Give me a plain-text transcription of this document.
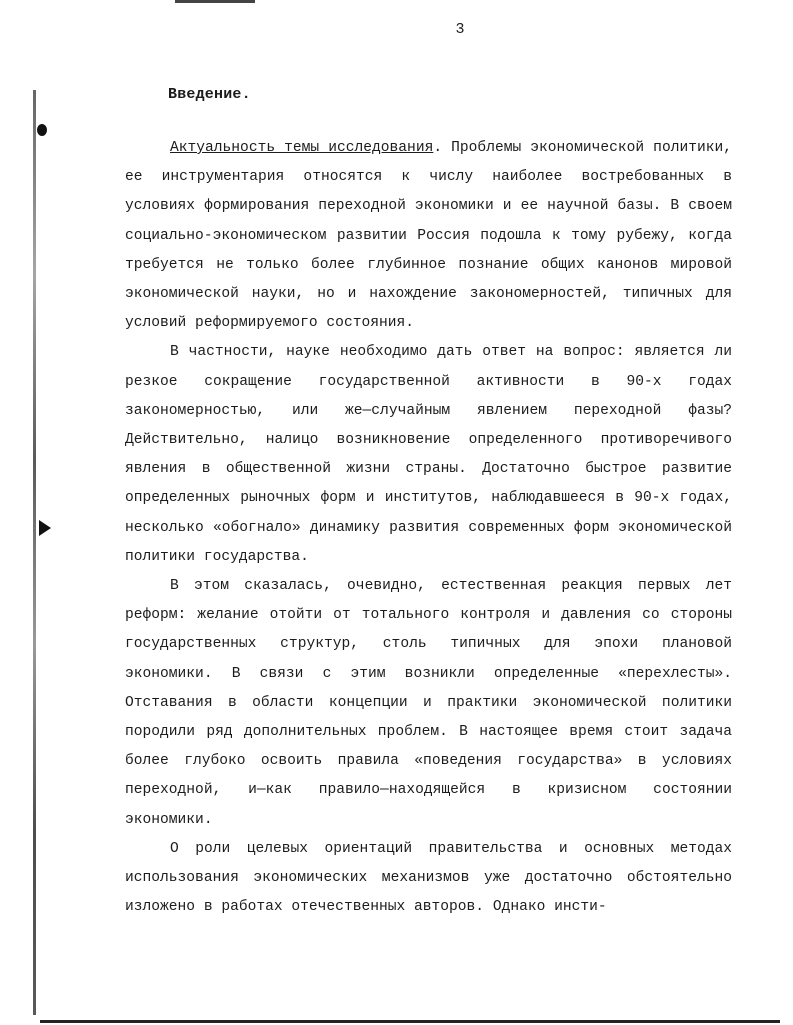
3
Введение.

Актуальность темы исследования. Проблемы экономической политики, ее инструментария относятся к числу наиболее востребованных в условиях формирования переходной экономики и ее научной базы. В своем социально-экономическом развитии Россия подошла к тому рубежу, когда требуется не только более глубинное познание общих канонов мировой экономической науки, но и нахождение закономерностей, типичных для условий реформируемого состояния.

В частности, науке необходимо дать ответ на вопрос: является ли резкое сокращение государственной активности в 90-х годах закономерностью, или же—случайным явлением переходной фазы? Действительно, налицо возникновение определенного противоречивого явления в общественной жизни страны. Достаточно быстрое развитие определенных рыночных форм и институтов, наблюдавшееся в 90-х годах, несколько «обогнало» динамику развития современных форм экономической политики государства.

В этом сказалась, очевидно, естественная реакция первых лет реформ: желание отойти от тотального контроля и давления со стороны государственных структур, столь типичных для эпохи плановой экономики. В связи с этим возникли определенные «перехлесты». Отставания в области концепции и практики экономической политики породили ряд дополнительных проблем. В настоящее время стоит задача более глубоко освоить правила «поведения государства» в условиях переходной, и—как правило—находящейся в кризисном состоянии экономики.

О роли целевых ориентаций правительства и основных методах использования экономических механизмов уже достаточно обстоятельно изложено в работах отечественных авторов. Однако инсти-
